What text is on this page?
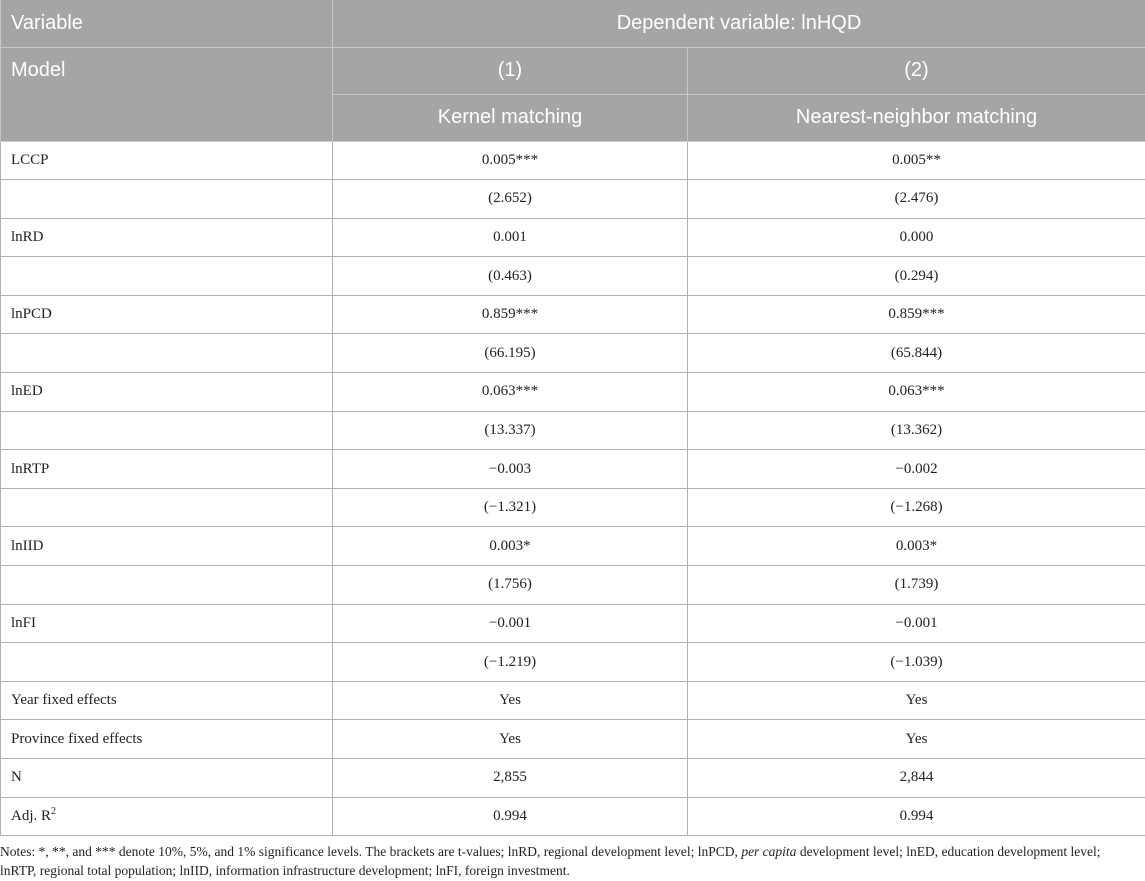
Variable	Dependent variable: lnHQD	
Model	(1)	(2)
	Kernel matching	Nearest-neighbor matching
LCCP	0.005***	0.005**
	(2.652)	(2.476)
lnRD	0.001	0.000
	(0.463)	(0.294)
lnPCD	0.859***	0.859***
	(66.195)	(65.844)
lnED	0.063***	0.063***
	(13.337)	(13.362)
lnRTP	−0.003	−0.002
	(−1.321)	(−1.268)
lnIID	0.003*	0.003*
	(1.756)	(1.739)
lnFI	−0.001	−0.001
	(−1.219)	(−1.039)
Year fixed effects	Yes	Yes
Province fixed effects	Yes	Yes
N	2,855	2,844
Adj. $R^2$	0.994	0.994
Notes: *, **, and *** denote 10%, 5%, and 1% significance levels. The brackets are t-values; lnRD, regional development level; lnPCD, per capita development level; lnED, education development level; lnRTP, regional total population; lnIID, information infrastructure development; lnFI, foreign investment.
